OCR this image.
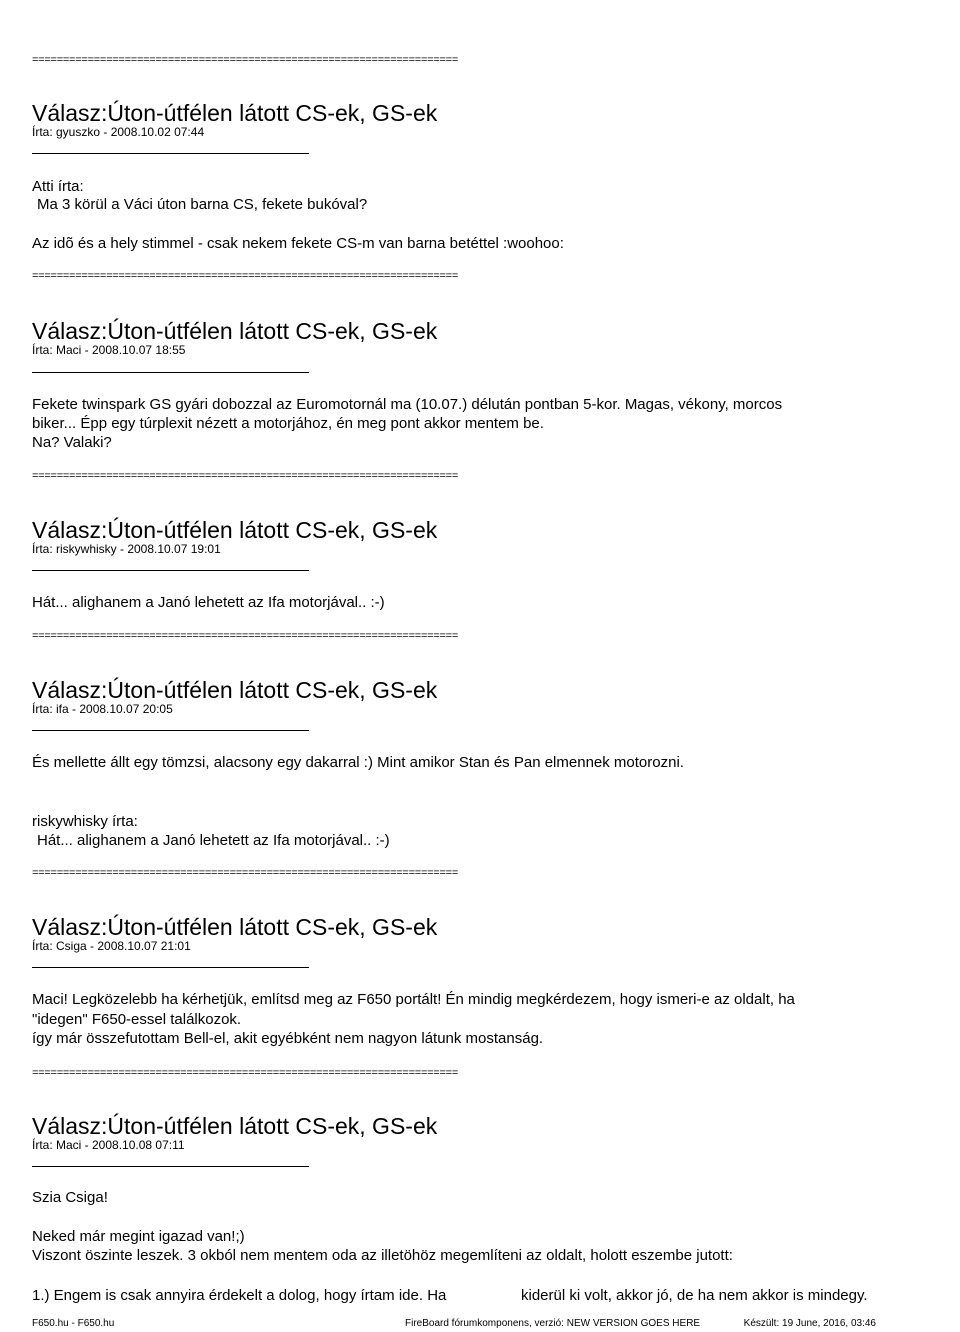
=====================================================================
=====================================================================
=====================================================================
=====================================================================
=====================================================================
=====================================================================
Válasz:Úton-útfélen látott CS-ek, GS-ek
Írta: gyuszko - 2008.10.02 07:44
Atti írta:
Ma 3 körül a Váci úton barna CS, fekete bukóval?
Az idõ és a hely stimmel - csak nekem fekete CS-m van barna betéttel :woohoo:
Válasz:Úton-útfélen látott CS-ek, GS-ek
Írta: Maci - 2008.10.07 18:55
Fekete twinspark GS gyári dobozzal az Euromotornál ma (10.07.) délután pontban 5-kor. Magas, vékony, morcos
biker... Épp egy túrplexit nézett a motorjához, én meg pont akkor mentem be.
Na? Valaki?
Válasz:Úton-útfélen látott CS-ek, GS-ek
Írta: riskywhisky - 2008.10.07 19:01
Hát... alighanem a Janó lehetett az Ifa motorjával.. :-)
Válasz:Úton-útfélen látott CS-ek, GS-ek
Írta: ifa - 2008.10.07 20:05
És mellette állt egy tömzsi, alacsony egy dakarral :) Mint amikor Stan és Pan elmennek motorozni.
riskywhisky írta:
Hát... alighanem a Janó lehetett az Ifa motorjával.. :-)
Válasz:Úton-útfélen látott CS-ek, GS-ek
Írta: Csiga - 2008.10.07 21:01
Maci! Legközelebb ha kérhetjük, említsd meg az F650 portált! Én mindig megkérdezem, hogy ismeri-e az oldalt, ha
"idegen" F650-essel találkozok.
így már összefutottam Bell-el, akit egyébként nem nagyon látunk mostanság.
Válasz:Úton-útfélen látott CS-ek, GS-ek
Írta: Maci - 2008.10.08 07:11
Szia Csiga!
Neked már megint igazad van!;)
Viszont öszinte leszek. 3 okból nem mentem oda az illetöhöz megemlíteni az oldalt, holott eszembe jutott:
1.) Engem is csak annyira érdekelt a dolog, hogy írtam ide. Ha	kiderül ki volt, akkor jó, de ha nem akkor is mindegy.
F650.hu - F650.hu	FireBoard fórumkomponens, verzió: NEW VERSION GOES HERE	Készült: 19 June, 2016, 03:46
